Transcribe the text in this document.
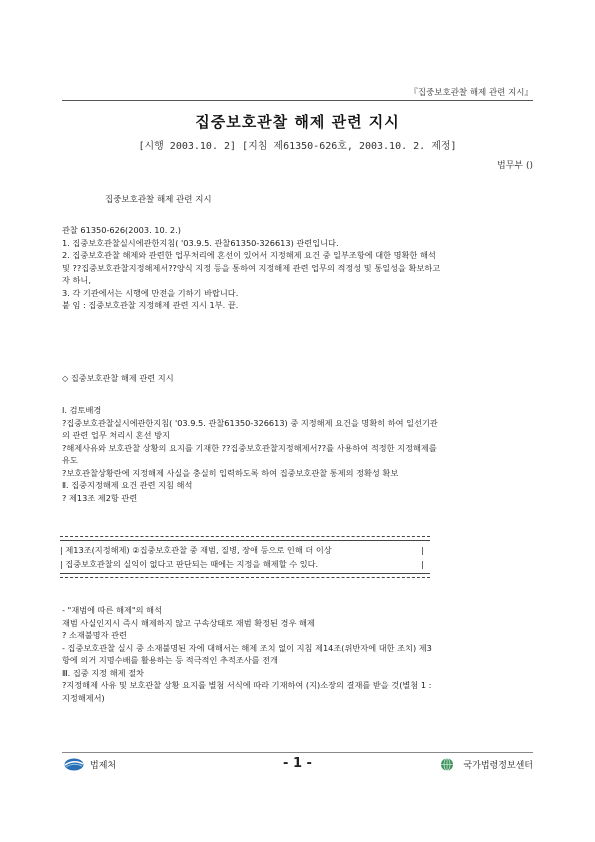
『집중보호관찰 해제 관련 지시』
집중보호관찰 해제 관련 지시
[시행 2003.10. 2] [지침 제61350-626호, 2003.10. 2. 제정]
법무부 ()
집중보호관찰 해제 관련 지시
관찰 61350-626(2003. 10. 2.)
1. 집중보호관찰실시에관한지침( '03.9.5. 관찰61350-326613) 관련입니다.
2. 집중보호관찰 해제와 관련한 업무처리에 혼선이 있어서 지정해제 요건 중 일부조항에 대한 명확한 해석
및 ??집중보호관찰지정해제서??양식 지정 등을 통하여 지정해제 관련 업무의 적정성 및 통일성을 확보하고
자 하니,
3. 각 기관에서는 시행에 만전을 기하기 바랍니다.
붙 임 : 집중보호관찰 지정해제 관련 지시 1부. 끝.
◇ 집중보호관찰 해제 관련 지시
Ⅰ. 검토배경
?집중보호관찰실시에관한지침( '03.9.5. 관찰61350-326613) 중 지정해제 요건을 명확히 하여 일선기관
의 관련 업무 처리시 혼선 방지
?해제사유와 보호관찰 상황의 요지를 기재한 ??집중보호관찰지정해제서??를 사용하여 적정한 지정해제를
유도
?보호관찰상황란에 지정해제 사실을 충실히 입력하도록 하여 집중보호관찰 통제의 정확성 확보
Ⅱ. 집중지정해제 요건 관련 지침 해석
? 제13조 제2항 관련
| 제13조(지정해제) ②집중보호관찰 중 재범, 질병, 장애 등으로 인해 더 이상
| 집중보호관찰의 실익이 없다고 판단되는 때에는 지정을 해제할 수 있다.
|
|
- "재범에 따른 해제"의 해석
재범 사실인지시 즉시 해제하지 않고 구속상태로 재범 확정된 경우 해제
? 소재불명자 관련
- 집중보호관찰 실시 중 소재불명된 자에 대해서는 해제 조치 없이 지침 제14조(위반자에 대한 조치) 제3
항에 의거 지명수배를 활용하는 등 적극적인 추적조사를 전개
Ⅲ. 집중 지정 해제 절차
?지정해제 사유 및 보호관찰 상황 요지를 별첨 서식에 따라 기재하여 (지)소장의 결재를 받을 것(별첨 1 :
지정해제서)
법제처	- 1 -	국가법령정보센터
